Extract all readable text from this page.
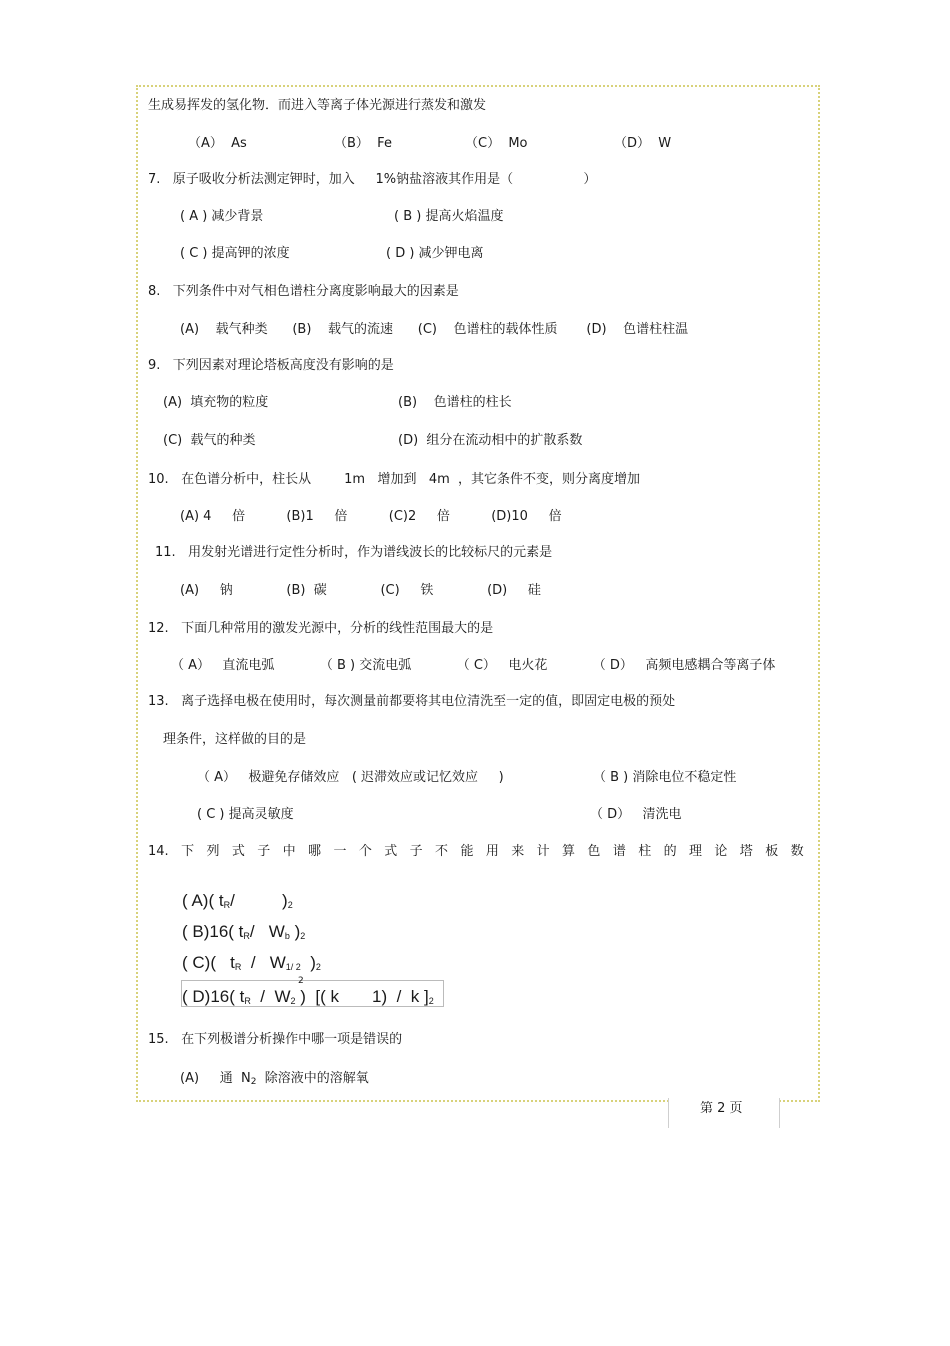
生成易挥发的氢化物．而进入等离子体光源进行蒸发和激发
（A）  As	（B）  Fe	（C）  Mo	（D）  W
7.   原子吸收分析法测定钾时，加入     1%钠盐溶液其作用是（                 ）
( A ) 减少背景	( B ) 提高火焰温度
( C ) 提高钾的浓度	( D ) 减少钾电离
8.   下列条件中对气相色谱柱分离度影响最大的因素是
(A)    载气种类      (B)    载气的流速      (C)    色谱柱的载体性质       (D)    色谱柱柱温
9.   下列因素对理论塔板高度没有影响的是
(A)  填充物的粒度	(B)    色谱柱的柱长
(C)  载气的种类	(D)  组分在流动相中的扩散系数
10.   在色谱分析中，柱长从        1m   增加到   4m  ，其它条件不变，则分离度增加
(A) 4     倍          (B)1     倍          (C)2     倍          (D)10     倍
11.   用发射光谱进行定性分析时，作为谱线波长的比较标尺的元素是
(A)     钠             (B)  碳             (C)     铁             (D)     硅
12.   下面几种常用的激发光源中，分析的线性范围最大的是
（ A）   直流电弧           （ B ) 交流电弧           （ C）   电火花           （ D）   高频电感耦合等离子体
13.   离子选择电极在使用时，每次测量前都要将其电位清洗至一定的值，即固定电极的预处
理条件，这样做的目的是
（ A）   极避免存储效应   ( 迟滞效应或记忆效应     )	（ B ) 消除电位不稳定性
( C ) 提高灵敏度	（ D）   清洗电
14.   下   列   式   子   中   哪   一   个   式   子   不   能   用   来   计   算   色   谱   柱   的   理   论   塔   板   数
( A)( tR/          )2
( B)16( tR/   Wb )2
( C)(   tR  /   W1/ 2  )2
2
( D)16( tR  /  W2 )  [( k       1)  /  k ]2
15.   在下列极谱分析操作中哪一项是错误的
(A)     通  N2  除溶液中的溶解氧
第 2 页
